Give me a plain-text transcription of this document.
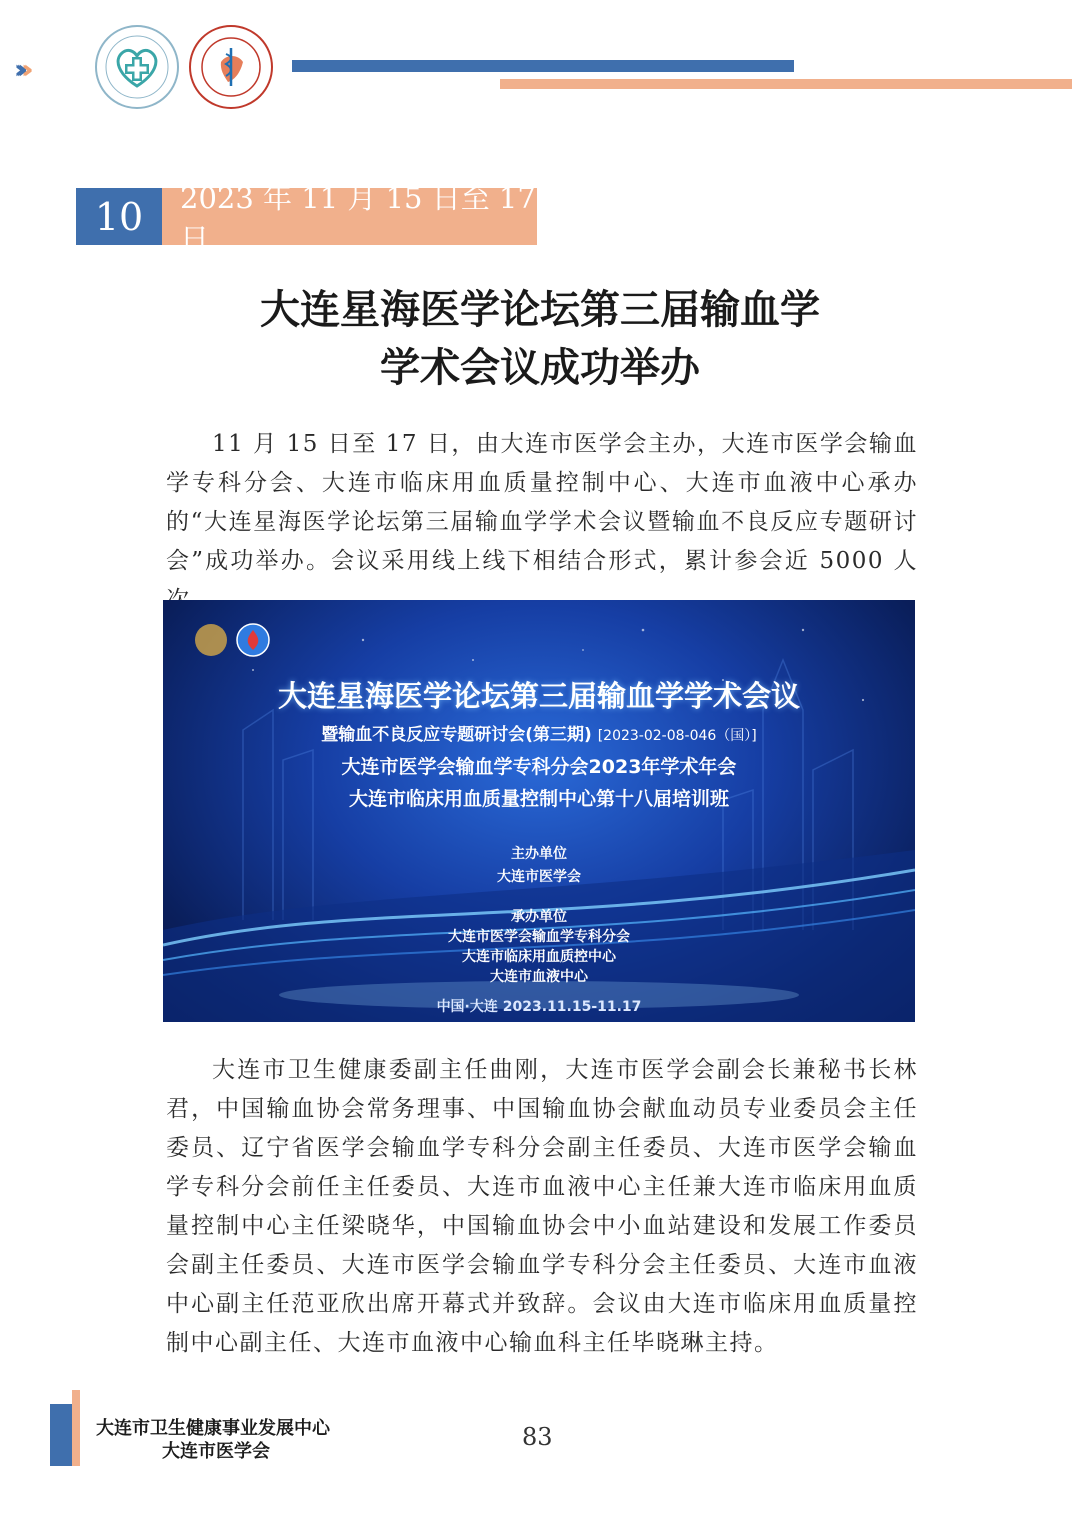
››› ››
10	2023 年 11 月 15 日至 17 日
大连星海医学论坛第三届输血学
学术会议成功举办
11 月 15 日至 17 日，由大连市医学会主办，大连市医学会输血学专科分会、大连市临床用血质量控制中心、大连市血液中心承办的“大连星海医学论坛第三届输血学学术会议暨输血不良反应专题研讨会”成功举办。会议采用线上线下相结合形式，累计参会近 5000 人
大连星海医学论坛第三届输血学学术会议
暨输血不良反应专题研讨会(第三期) [2023-02-08-046（国）]
大连市医学会输血学专科分会2023年学术年会
大连市临床用血质量控制中心第十八届培训班
主办单位
大连市医学会
承办单位
大连市医学会输血学专科分会
大连市临床用血质控中心
大连市血液中心
中国·大连 2023.11.15-11.17
大连市卫生健康委副主任曲刚，大连市医学会副会长兼秘书长林君，中国输血协会常务理事、中国输血协会献血动员专业委员会主任委员、辽宁省医学会输血学专科分会副主任委员、大连市医学会输血学专科分会前任主任委员、大连市血液中心主任兼大连市临床用血质量控制中心主任梁晓华，中国输血协会中小血站建设和发展工作委员会副主任委员、大连市医学会输血学专科分会主任委员、大连市血液中心副主任范亚欣出席开幕式并致辞。会议由大连市临床用血质量控制中心副主任、大连市血液中心输血科主任毕晓琳主持。
大连市卫生健康事业发展中心
大连市医学会
83
